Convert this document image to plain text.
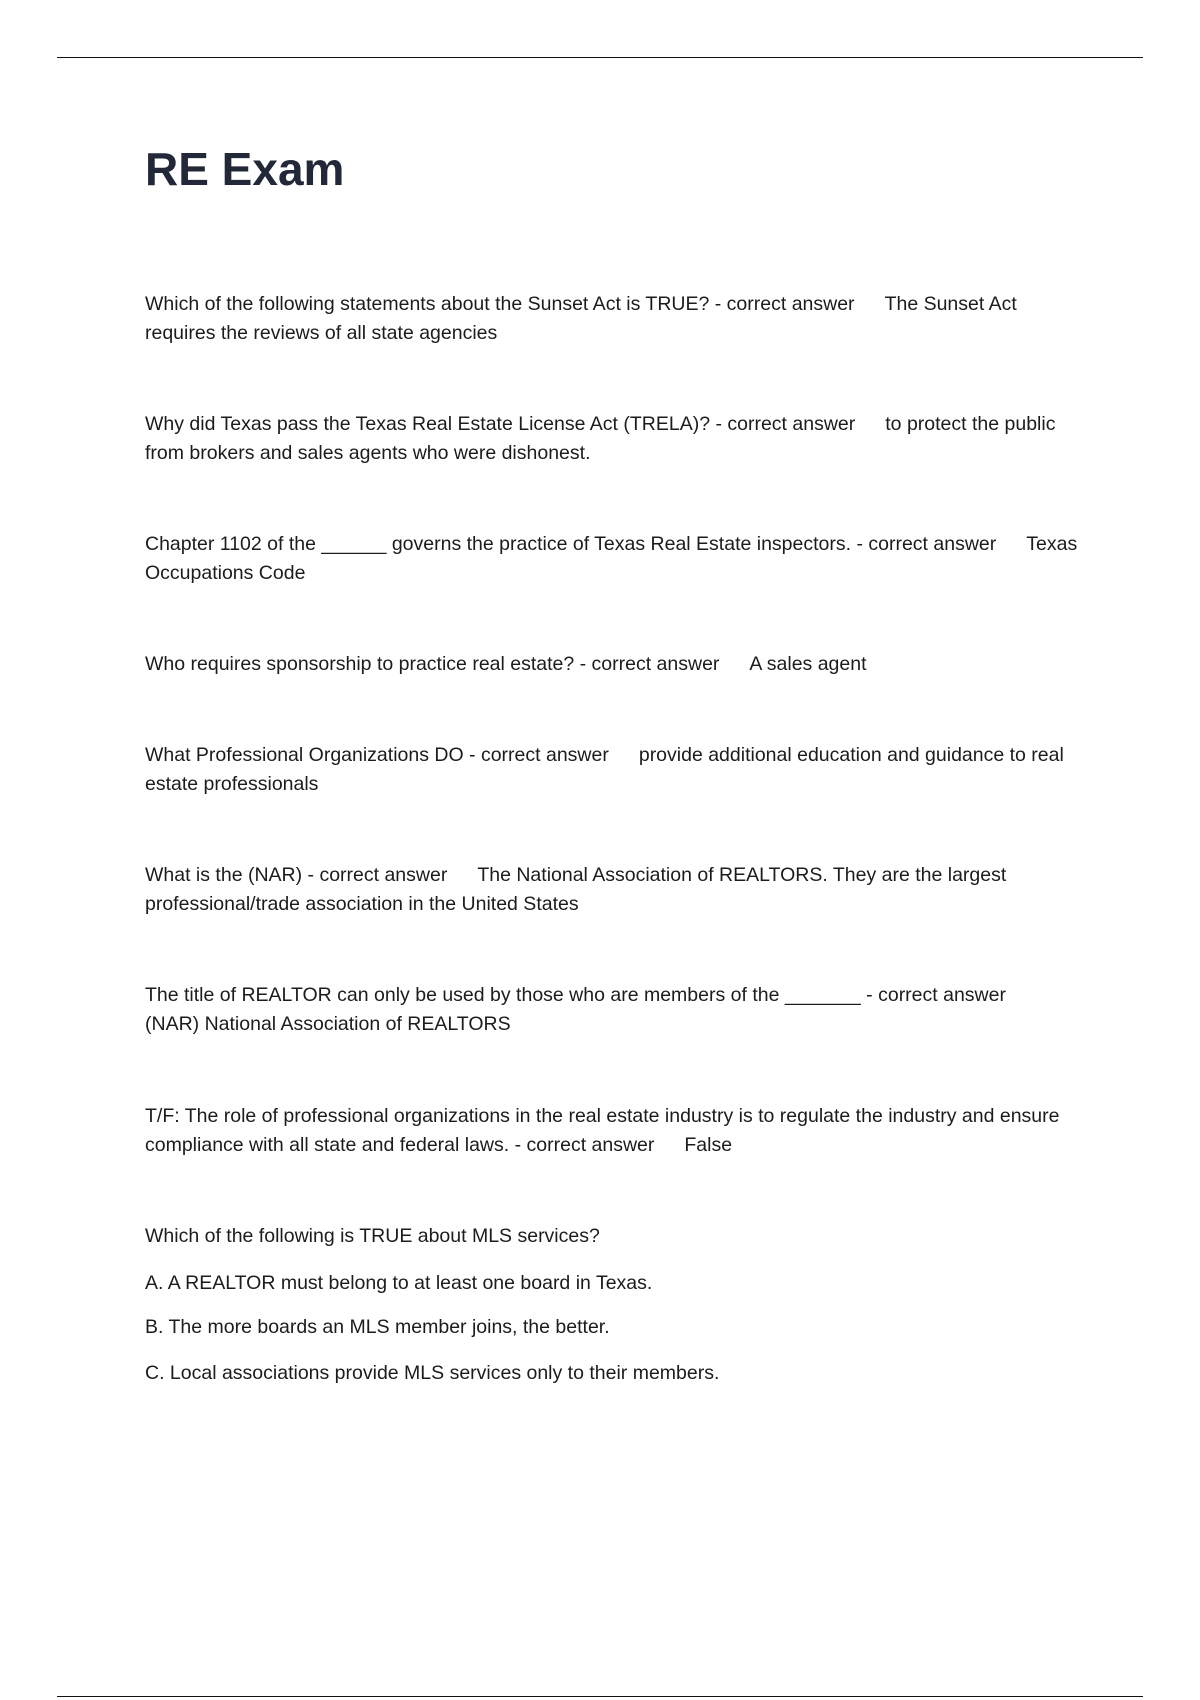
RE Exam
Which of the following statements about the Sunset Act is TRUE? - correct answer The Sunset Act requires the reviews of all state agencies
Why did Texas pass the Texas Real Estate License Act (TRELA)? - correct answer to protect the public from brokers and sales agents who were dishonest.
Chapter 1102 of the ______ governs the practice of Texas Real Estate inspectors. - correct answer Texas Occupations Code
Who requires sponsorship to practice real estate? - correct answer A sales agent
What Professional Organizations DO - correct answer provide additional education and guidance to real estate professionals
What is the (NAR) - correct answer The National Association of REALTORS. They are the largest professional/trade association in the United States
The title of REALTOR can only be used by those who are members of the _______ - correct answer(NAR) National Association of REALTORS
T/F: The role of professional organizations in the real estate industry is to regulate the industry and ensure compliance with all state and federal laws. - correct answer False
Which of the following is TRUE about MLS services?
A. A REALTOR must belong to at least one board in Texas.
B. The more boards an MLS member joins, the better.
C. Local associations provide MLS services only to their members.
